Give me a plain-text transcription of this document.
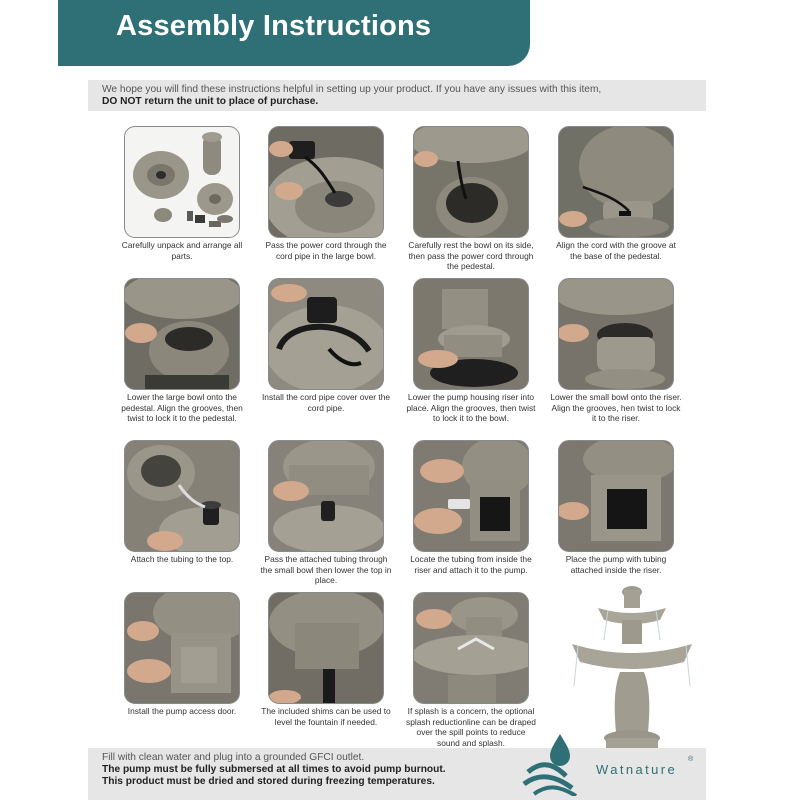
Assembly Instructions
We hope you will find these instructions helpful in setting up your product. If you have any issues with this item,
DO NOT return the unit to place of purchase.
Carefully unpack and arrange all parts.
Pass the power cord through the cord pipe in the large bowl.
Carefully rest the bowl on its side, then pass the power cord through the pedestal.
Align the cord with the groove at the base of the pedestal.
Lower the large bowl onto the pedestal. Align the grooves, then twist to lock it to the pedestal.
Install the cord pipe cover over the cord pipe.
Lower the pump housing riser into place. Align the grooves, then twist to lock it to the bowl.
Lower the small bowl onto the riser. Align the grooves, hen twist to lock it to the riser.
Attach the tubing to the top.	Pass the attached tubing through the small bowl then lower the top in place.
Locate the tubing from inside the riser and attach it to the pump.
Place the pump with tubing attached inside the riser.
Install the pump access door.	The included shims can be used to level the fountain if needed.
If splash is a concern, the optional splash reductionline can be draped over the spill points to reduce sound and splash.
Fill with clean water and plug into a grounded GFCI outlet.
The pump must be fully submersed at all times to avoid pump burnout.
This product must be dried and stored during freezing temperatures.
Watnature
®
